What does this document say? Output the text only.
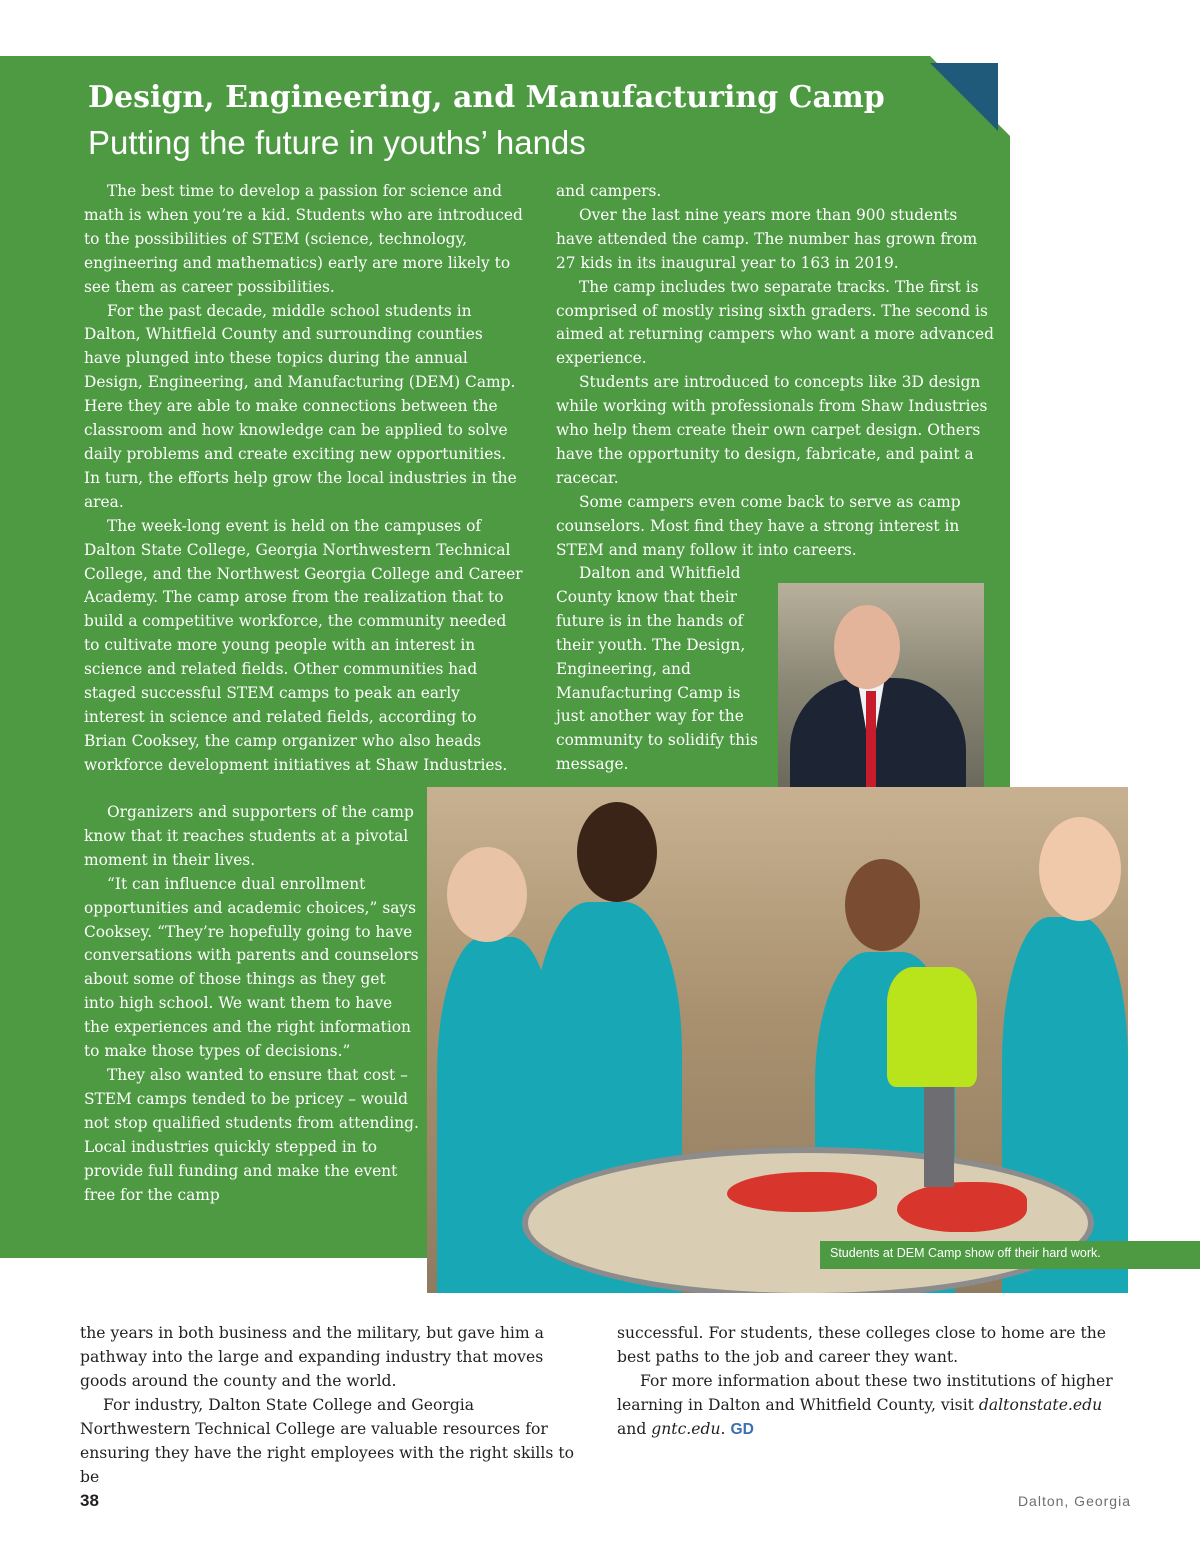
Design, Engineering, and Manufacturing Camp
Putting the future in youths’ hands

The best time to develop a passion for science and math is when you’re a kid. Students who are introduced to the possibilities of STEM (science, technology, engineering and mathematics) early are more likely to see them as career possibilities.

For the past decade, middle school students in Dalton, Whitfield County and surrounding counties have plunged into these topics during the annual Design, Engineering, and Manufacturing (DEM) Camp. Here they are able to make connections between the classroom and how knowledge can be applied to solve daily problems and create exciting new opportunities. In turn, the efforts help grow the local industries in the area.

The week-long event is held on the campuses of Dalton State College, Georgia Northwestern Technical College, and the Northwest Georgia College and Career Academy. The camp arose from the realization that to build a competitive workforce, the community needed to cultivate more young people with an interest in science and related fields. Other communities had staged successful STEM camps to peak an early interest in science and related fields, according to Brian Cooksey, the camp organizer who also heads workforce development initiatives at Shaw Industries.

Organizers and supporters of the camp know that it reaches students at a pivotal moment in their lives.

“It can influence dual enrollment opportunities and academic choices,” says Cooksey. “They’re hopefully going to have conversations with parents and counselors about some of those things as they get into high school. We want them to have the experiences and the right information to make those types of decisions.”

They also wanted to ensure that cost – STEM camps tended to be pricey – would not stop qualified students from attending. Local industries quickly stepped in to provide full funding and make the event free for the camp

and campers.

Over the last nine years more than 900 students have attended the camp. The number has grown from 27 kids in its inaugural year to 163 in 2019.

The camp includes two separate tracks. The first is comprised of mostly rising sixth graders. The second is aimed at returning campers who want a more advanced experience.

Students are introduced to concepts like 3D design while working with professionals from Shaw Industries who help them create their own carpet design. Others have the opportunity to design, fabricate, and paint a racecar.

Some campers even come back to serve as camp counselors. Most find they have a strong interest in STEM and many follow it into careers.

Dalton and Whitfield County know that their future is in the hands of their youth. The Design, Engineering, and Manufacturing Camp is just another way for the community to solidify this message.

Students at DEM Camp show off their hard work.

the years in both business and the military, but gave him a pathway into the large and expanding industry that moves goods around the county and the world.

For industry, Dalton State College and Georgia Northwestern Technical College are valuable resources for ensuring they have the right employees with the right skills to be

successful. For students, these colleges close to home are the best paths to the job and career they want.

For more information about these two institutions of higher learning in Dalton and Whitfield County, visit daltonstate.edu and gntc.edu. GD

38	Dalton, Georgia
